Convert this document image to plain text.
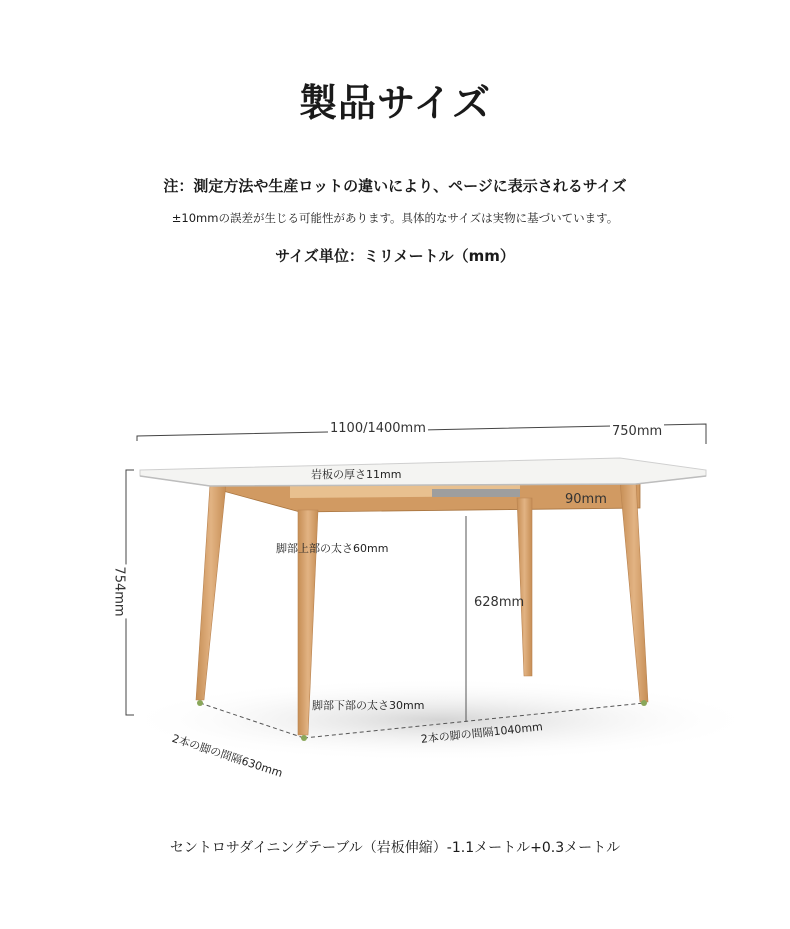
製品サイズ
注：測定方法や生産ロットの違いにより、ページに表示されるサイズ
±10mmの誤差が生じる可能性があります。具体的なサイズは実物に基づいています。
サイズ単位：ミリメートル（mm）
1100/1400mm	750mm
754mm
岩板の厚さ11mm
90mm
628mm
脚部上部の太さ60mm
脚部下部の太さ30mm
2本の脚の間隔630mm	2本の脚の間隔1040mm
セントロサダイニングテーブル（岩板伸縮）-1.1メートル+0.3メートル
